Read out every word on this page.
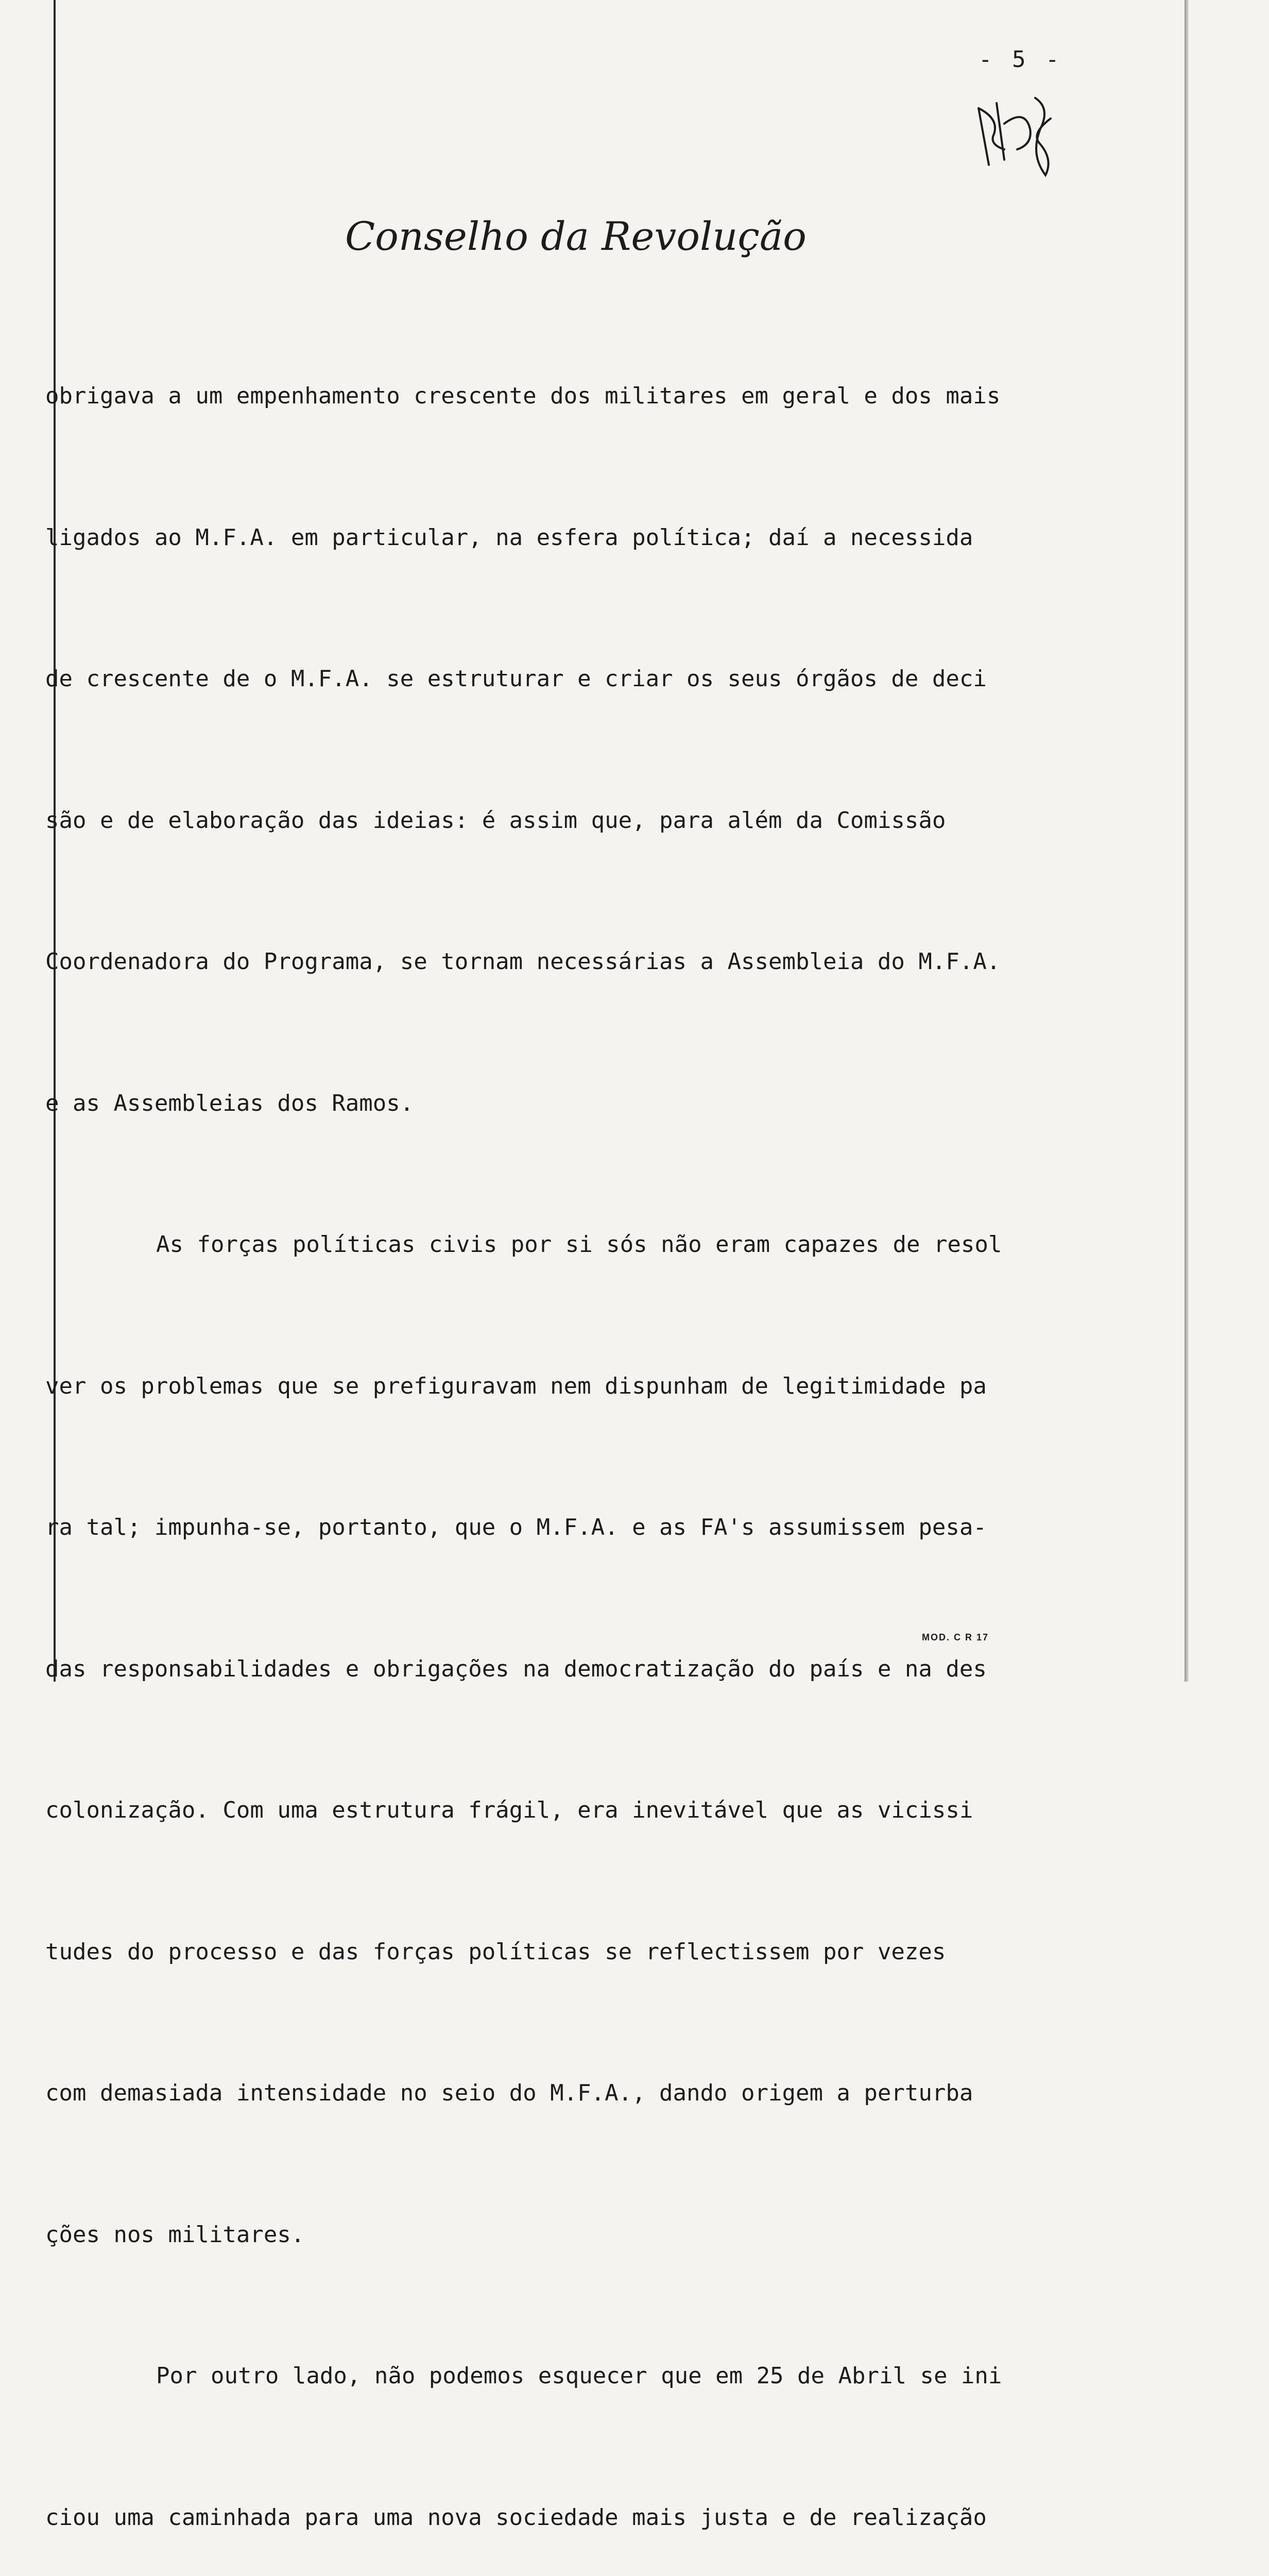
- 5 -
Conselho da Revolução

obrigava a um empenhamento crescente dos militares em geral e dos mais

ligados ao M.F.A. em particular, na esfera política; daí a necessida

de crescente de o M.F.A. se estruturar e criar os seus órgãos de deci

são e de elaboração das ideias: é assim que, para além da Comissão

Coordenadora do Programa, se tornam necessárias a Assembleia do M.F.A.

e as Assembleias dos Ramos.

As forças políticas civis por si sós não eram capazes de resol

ver os problemas que se prefiguravam nem dispunham de legitimidade pa

ra tal; impunha-se, portanto, que o M.F.A. e as FA's assumissem pesa-

das responsabilidades e obrigações na democratização do país e na des

colonização. Com uma estrutura frágil, era inevitável que as vicissi

tudes do processo e das forças políticas se reflectissem por vezes

com demasiada intensidade no seio do M.F.A., dando origem a perturba

ções nos militares.

Por outro lado, não podemos esquecer que em 25 de Abril se ini

ciou uma caminhada para uma nova sociedade mais justa e de realização

MOD. C R 17
